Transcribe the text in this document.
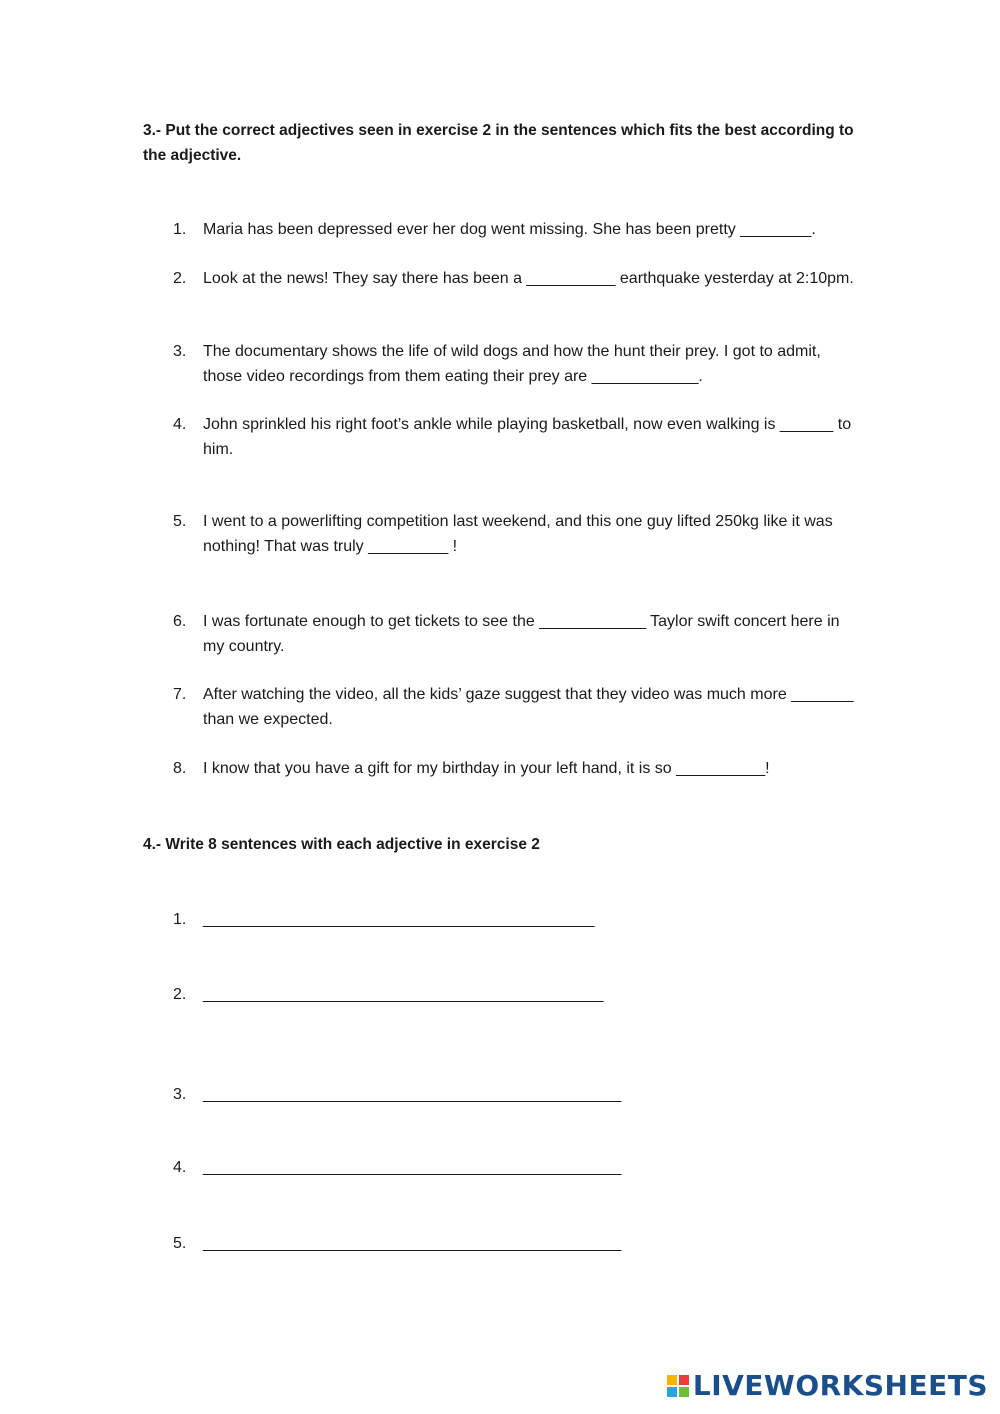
3.- Put the correct adjectives seen in exercise 2 in the sentences which fits the best according to the adjective.
1.	Maria has been depressed ever her dog went missing. She has been pretty ________.
2.	Look at the news! They say there has been a __________ earthquake yesterday at 2:10pm.
3.	The documentary shows the life of wild dogs and how the hunt their prey. I got to admit, those video recordings from them eating their prey are ____________.
4.	John sprinkled his right foot’s ankle while playing basketball, now even walking is ______ to him.
5.	I went to a powerlifting competition last weekend, and this one guy lifted 250kg like it was nothing! That was truly _________ !
6.	I was fortunate enough to get tickets to see the ____________ Taylor swift concert here in my country.
7.	After watching the video, all the kids’ gaze suggest that they video was much more _______ than we expected.
8.	I know that you have a gift for my birthday in your left hand, it is so __________!
4.- Write 8 sentences with each adjective in exercise 2
1.	____________________________________________
2.	_____________________________________________
3.	_______________________________________________
4.	_______________________________________________
5.	_______________________________________________
LIVEWORKSHEETS
